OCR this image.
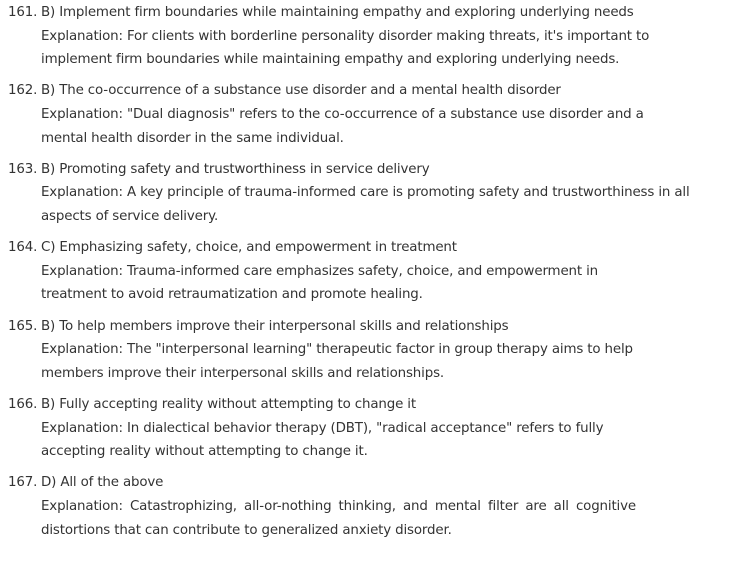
161. B) Implement firm boundaries while maintaining empathy and exploring underlying needs
Explanation: For clients with borderline personality disorder making threats, it's important to implement firm boundaries while maintaining empathy and exploring underlying needs.
162. B) The co-occurrence of a substance use disorder and a mental health disorder
Explanation: "Dual diagnosis" refers to the co-occurrence of a substance use disorder and a mental health disorder in the same individual.
163. B) Promoting safety and trustworthiness in service delivery
Explanation: A key principle of trauma-informed care is promoting safety and trustworthiness in all aspects of service delivery.
164. C) Emphasizing safety, choice, and empowerment in treatment
Explanation: Trauma-informed care emphasizes safety, choice, and empowerment in treatment to avoid retraumatization and promote healing.
165. B) To help members improve their interpersonal skills and relationships
Explanation: The "interpersonal learning" therapeutic factor in group therapy aims to help members improve their interpersonal skills and relationships.
166. B) Fully accepting reality without attempting to change it
Explanation: In dialectical behavior therapy (DBT), "radical acceptance" refers to fully accepting reality without attempting to change it.
167. D) All of the above
Explanation: Catastrophizing, all-or-nothing thinking, and mental filter are all cognitive distortions that can contribute to generalized anxiety disorder.
